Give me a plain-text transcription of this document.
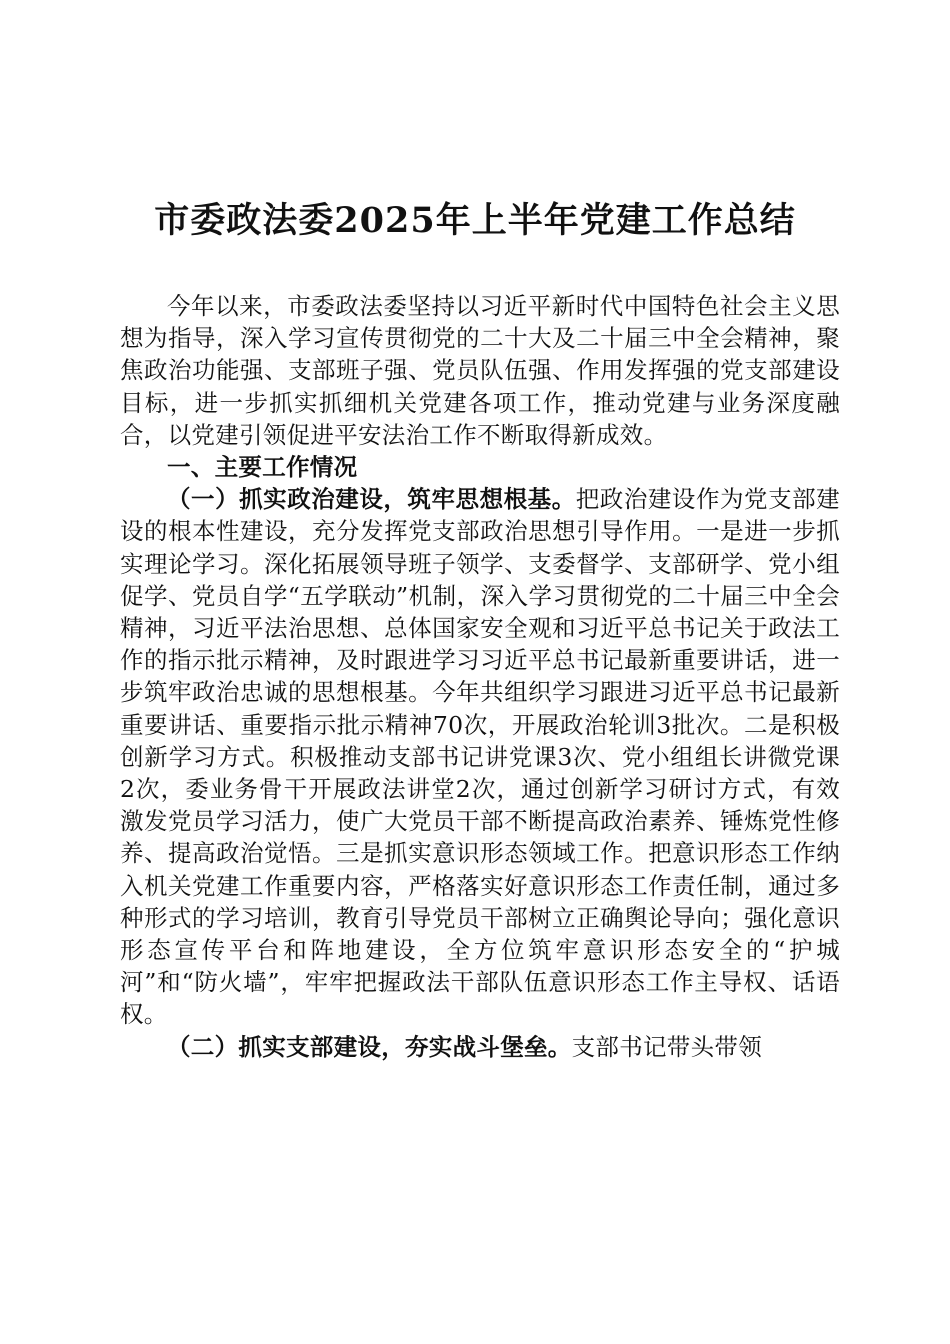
市委政法委2025年上半年党建工作总结

今年以来，市委政法委坚持以习近平新时代中国特色社会主义思想为指导，深入学习宣传贯彻党的二十大及二十届三中全会精神，聚焦政治功能强、支部班子强、党员队伍强、作用发挥强的党支部建设目标，进一步抓实抓细机关党建各项工作，推动党建与业务深度融合，以党建引领促进平安法治工作不断取得新成效。

一、主要工作情况

（一）抓实政治建设，筑牢思想根基。把政治建设作为党支部建设的根本性建设，充分发挥党支部政治思想引导作用。一是进一步抓实理论学习。深化拓展领导班子领学、支委督学、支部研学、党小组促学、党员自学“五学联动”机制，深入学习贯彻党的二十届三中全会精神，习近平法治思想、总体国家安全观和习近平总书记关于政法工作的指示批示精神，及时跟进学习习近平总书记最新重要讲话，进一步筑牢政治忠诚的思想根基。今年共组织学习跟进习近平总书记最新重要讲话、重要指示批示精神70次，开展政治轮训3批次。二是积极创新学习方式。积极推动支部书记讲党课3次、党小组组长讲微党课2次，委业务骨干开展政法讲堂2次，通过创新学习研讨方式，有效激发党员学习活力，使广大党员干部不断提高政治素养、锤炼党性修养、提高政治觉悟。三是抓实意识形态领域工作。把意识形态工作纳入机关党建工作重要内容，严格落实好意识形态工作责任制，通过多种形式的学习培训，教育引导党员干部树立正确舆论导向；强化意识形态宣传平台和阵地建设，全方位筑牢意识形态安全的“护城河”和“防火墙”，牢牢把握政法干部队伍意识形态工作主导权、话语权。

（二）抓实支部建设，夯实战斗堡垒。支部书记带头带领
